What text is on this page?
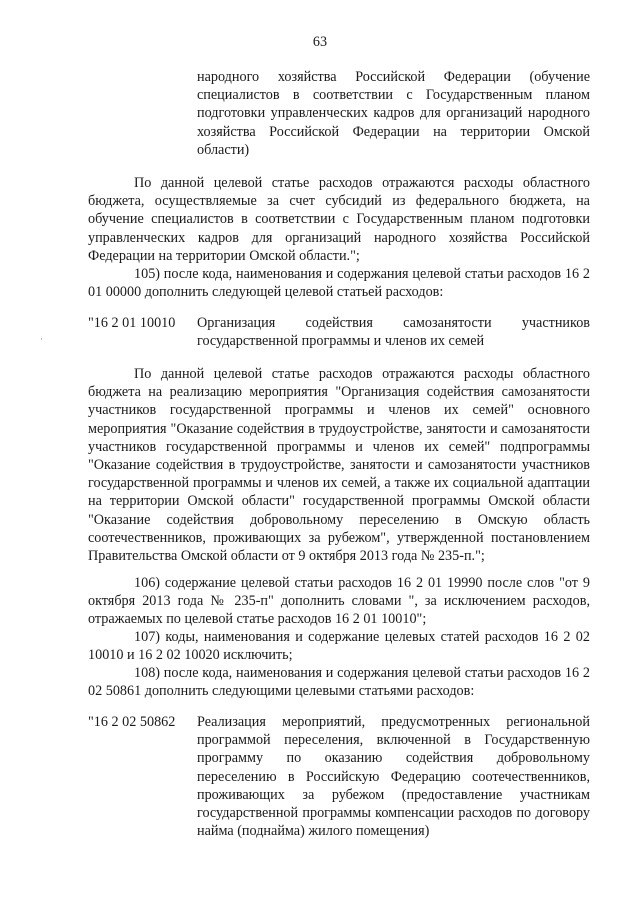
63
народного хозяйства Российской Федерации (обучение специалистов в соответствии с Государственным планом подготовки управленческих кадров для организаций народного хозяйства Российской Федерации на территории Омской области)
По данной целевой статье расходов отражаются расходы областного бюджета, осуществляемые за счет субсидий из федерального бюджета, на обучение специалистов в соответствии с Государственным планом подготовки управленческих кадров для организаций народного хозяйства Российской Федерации на территории Омской области.";
105) после кода, наименования и содержания целевой статьи расходов 16 2 01 00000 дополнить следующей целевой статьей расходов:
"16 2 01 10010 Организация содействия самозанятости участников государственной программы и членов их семей
По данной целевой статье расходов отражаются расходы областного бюджета на реализацию мероприятия "Организация содействия самозанятости участников государственной программы и членов их семей" основного мероприятия "Оказание содействия в трудоустройстве, занятости и самозанятости участников государственной программы и членов их семей" подпрограммы "Оказание содействия в трудоустройстве, занятости и самозанятости участников государственной программы и членов их семей, а также их социальной адаптации на территории Омской области" государственной программы Омской области "Оказание содействия добровольному переселению в Омскую область соотечественников, проживающих за рубежом", утвержденной постановлением Правительства Омской области от 9 октября 2013 года № 235-п.";
106) содержание целевой статьи расходов 16 2 01 19990 после слов "от 9 октября 2013 года № 235-п" дополнить словами ", за исключением расходов, отражаемых по целевой статье расходов 16 2 01 10010";
107) коды, наименования и содержание целевых статей расходов 16 2 02 10010 и 16 2 02 10020 исключить;
108) после кода, наименования и содержания целевой статьи расходов 16 2 02 50861 дополнить следующими целевыми статьями расходов:
"16 2 02 50862 Реализация мероприятий, предусмотренных региональной программой переселения, включенной в Государственную программу по оказанию содействия добровольному переселению в Российскую Федерацию соотечественников, проживающих за рубежом (предоставление участникам государственной программы компенсации расходов по договору найма (поднайма) жилого помещения)
·
